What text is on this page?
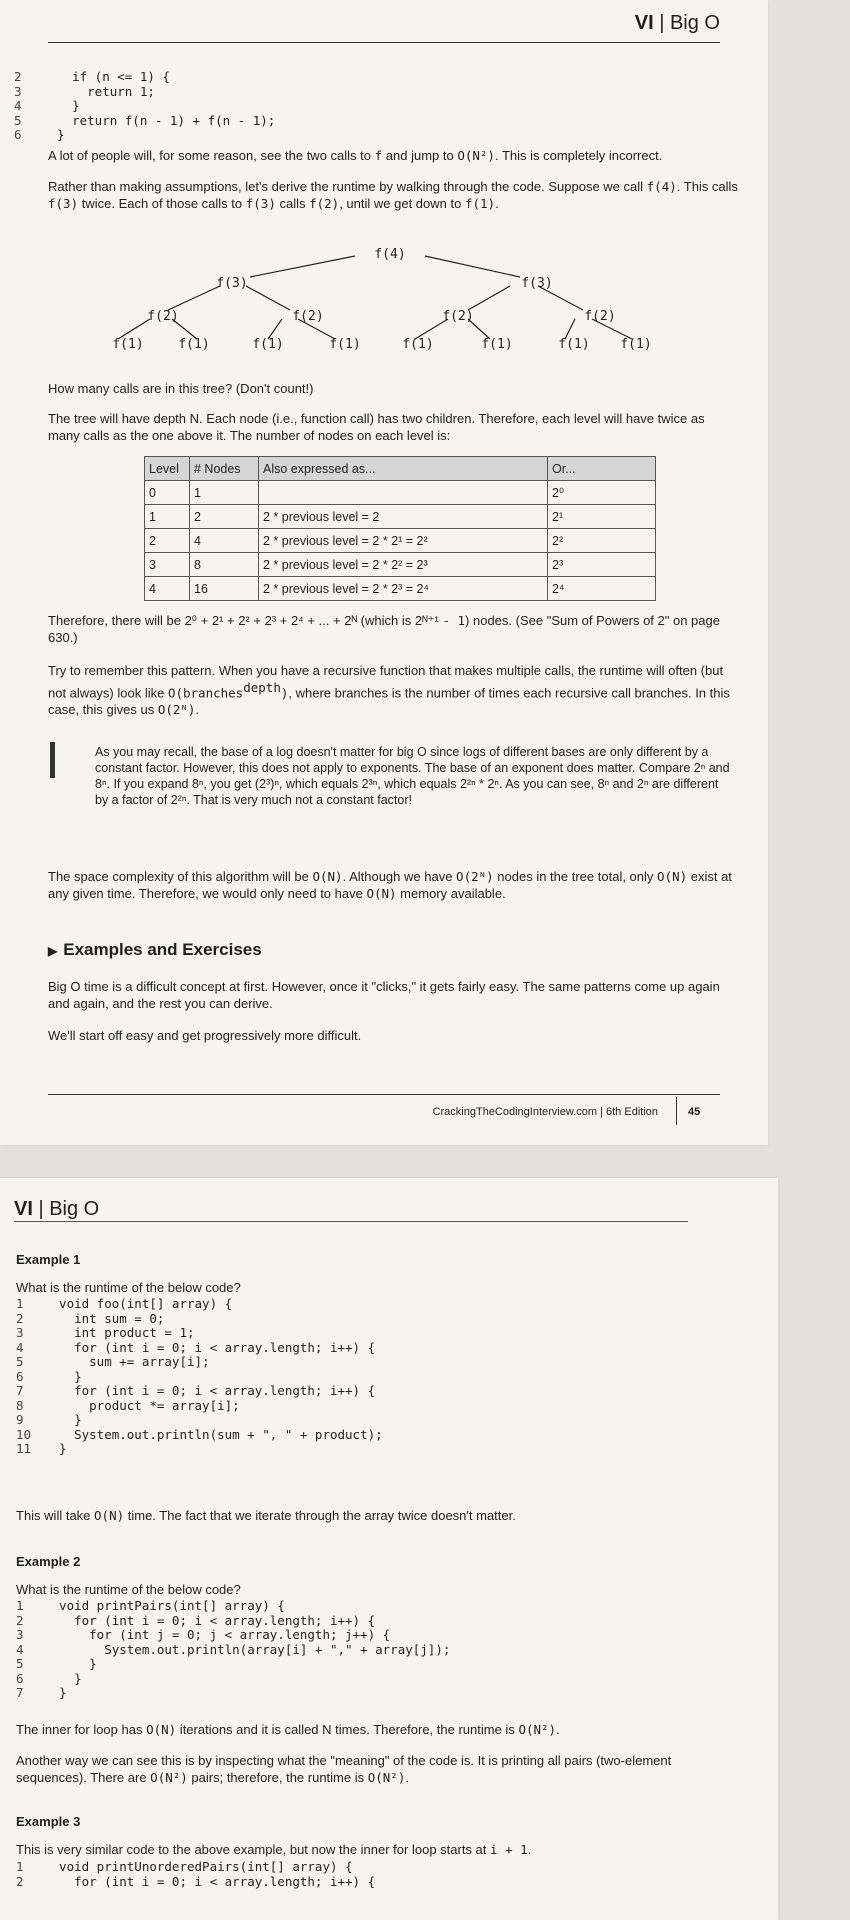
VI | Big O
2    if (n <= 1) {
3      return 1;
4    }
5    return f(n - 1) + f(n - 1);
6  }

A lot of people will, for some reason, see the two calls to f and jump to O(N²). This is completely incorrect.

Rather than making assumptions, let's derive the runtime by walking through the code. Suppose we call f(4). This calls f(3) twice. Each of those calls to f(3) calls f(2), until we get down to f(1).

f(4)
f(3)	f(3)
f(2)	f(2)	f(2)	f(2)
f(1)	f(1)	f(1)	f(1)	f(1)	f(1)	f(1) f(1)

How many calls are in this tree? (Don't count!)

The tree will have depth N. Each node (i.e., function call) has two children. Therefore, each level will have twice as many calls as the one above it. The number of nodes on each level is:

Level	# Nodes	Also expressed as...	Or...
0	1		2⁰
1	2	2 * previous level = 2	2¹
2	4	2 * previous level = 2 * 2¹ = 2²	2²
3	8	2 * previous level = 2 * 2² = 2³	2³
4	16	2 * previous level = 2 * 2³ = 2⁴	2⁴

Therefore, there will be 2⁰ + 2¹ + 2² + 2³ + 2⁴ + ... + 2ᴺ (which is 2ᴺ⁺¹ - 1) nodes. (See "Sum of Powers of 2" on page 630.)

Try to remember this pattern. When you have a recursive function that makes multiple calls, the runtime will often (but not always) look like O(branchesdepth), where branches is the number of times each recursive call branches. In this case, this gives us O(2ᴺ).

As you may recall, the base of a log doesn't matter for big O since logs of different bases are only different by a constant factor. However, this does not apply to exponents. The base of an exponent does matter. Compare 2ⁿ and 8ⁿ. If you expand 8ⁿ, you get (2³)ⁿ, which equals 2³ⁿ, which equals 2²ⁿ * 2ⁿ. As you can see, 8ⁿ and 2ⁿ are different by a factor of 2²ⁿ. That is very much not a constant factor!

The space complexity of this algorithm will be O(N). Although we have O(2ᴺ) nodes in the tree total, only O(N) exist at any given time. Therefore, we would only need to have O(N) memory available.

▶ Examples and Exercises

Big O time is a difficult concept at first. However, once it "clicks," it gets fairly easy. The same patterns come up again and again, and the rest you can derive.

We'll start off easy and get progressively more difficult.

CrackingTheCodingInterview.com | 6th Edition	45
VI | Big O
Example 1

What is the runtime of the below code?

1  void foo(int[] array) {
2    int sum = 0;
3    int product = 1;
4    for (int i = 0; i < array.length; i++) {
5      sum += array[i];
6    }
7    for (int i = 0; i < array.length; i++) {
8      product *= array[i];
9    }
10    System.out.println(sum + ", " + product);
11  }

This will take O(N) time. The fact that we iterate through the array twice doesn't matter.

Example 2

What is the runtime of the below code?

1  void printPairs(int[] array) {
2    for (int i = 0; i < array.length; i++) {
3      for (int j = 0; j < array.length; j++) {
4        System.out.println(array[i] + "," + array[j]);
5      }
6    }
7  }

The inner for loop has O(N) iterations and it is called N times. Therefore, the runtime is O(N²).

Another way we can see this is by inspecting what the "meaning" of the code is. It is printing all pairs (two-element sequences). There are O(N²) pairs; therefore, the runtime is O(N²).

Example 3

This is very similar code to the above example, but now the inner for loop starts at i + 1.

1  void printUnorderedPairs(int[] array) {
2    for (int i = 0; i < array.length; i++) {
